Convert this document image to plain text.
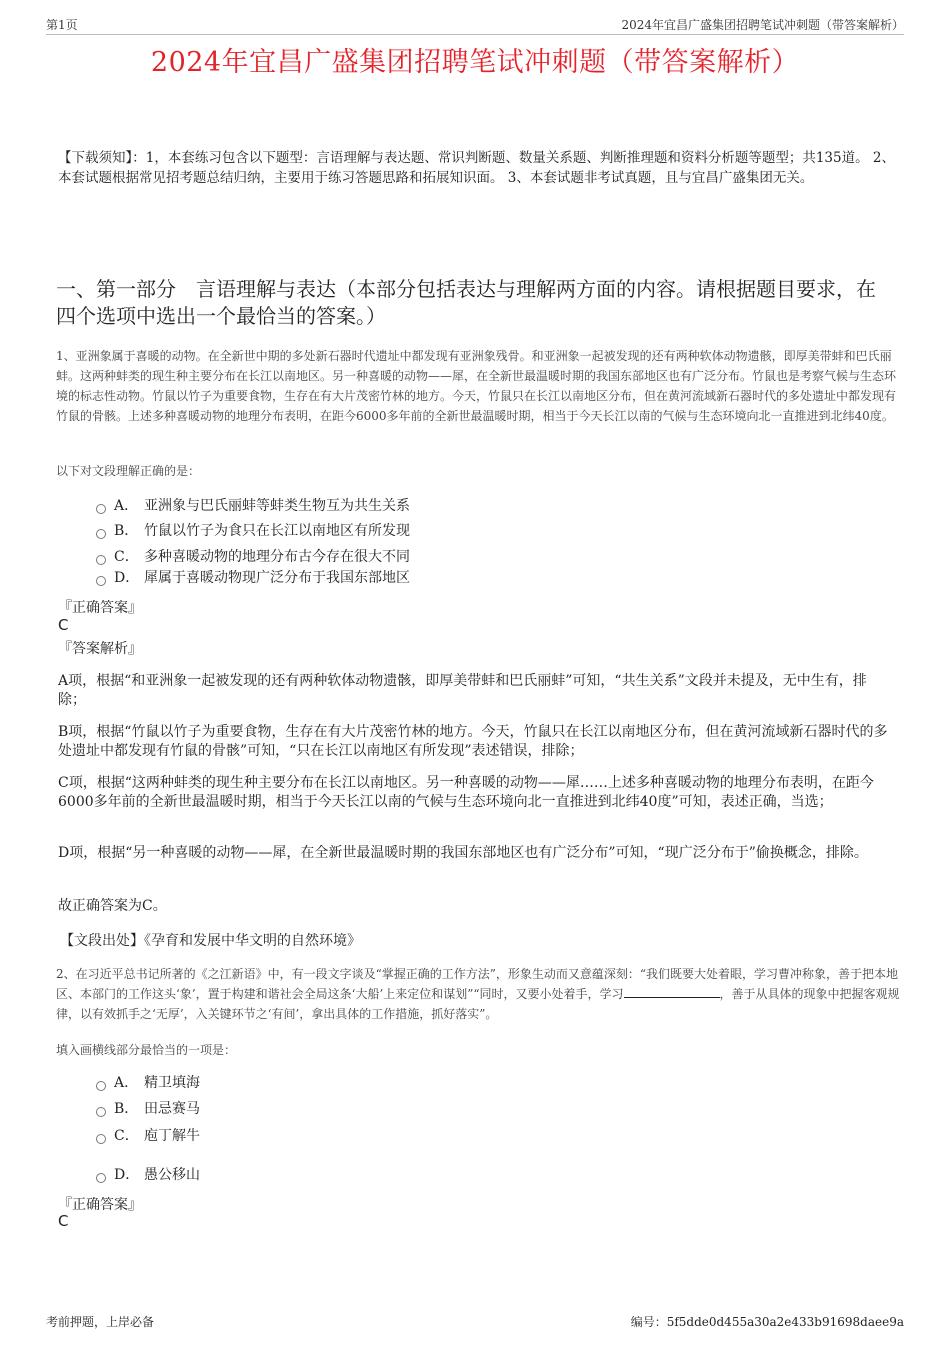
第1页	2024年宜昌广盛集团招聘笔试冲刺题（带答案解析）
2024年宜昌广盛集团招聘笔试冲刺题（带答案解析）
【下载须知】：1，本套练习包含以下题型：言语理解与表达题、常识判断题、数量关系题、判断推理题和资料分析题等题型；共135道。 2、本套试题根据常见招考题总结归纳，主要用于练习答题思路和拓展知识面。 3、本套试题非考试真题，且与宜昌广盛集团无关。
一、第一部分　言语理解与表达（本部分包括表达与理解两方面的内容。请根据题目要求，在四个选项中选出一个最恰当的答案。）
1、亚洲象属于喜暖的动物。在全新世中期的多处新石器时代遗址中都发现有亚洲象残骨。和亚洲象一起被发现的还有两种软体动物遗骸，即厚美带蚌和巴氏丽蚌。这两种蚌类的现生种主要分布在长江以南地区。另一种喜暖的动物——犀，在全新世最温暖时期的我国东部地区也有广泛分布。竹鼠也是考察气候与生态环境的标志性动物。竹鼠以竹子为重要食物，生存在有大片茂密竹林的地方。今天，竹鼠只在长江以南地区分布，但在黄河流域新石器时代的多处遗址中都发现有竹鼠的骨骸。上述多种喜暖动物的地理分布表明，在距今6000多年前的全新世最温暖时期，相当于今天长江以南的气候与生态环境向北一直推进到北纬40度。
以下对文段理解正确的是：
A． 亚洲象与巴氏丽蚌等蚌类生物互为共生关系
B． 竹鼠以竹子为食只在长江以南地区有所发现
C． 多种喜暖动物的地理分布古今存在很大不同
D． 犀属于喜暖动物现广泛分布于我国东部地区
『正确答案』
C
『答案解析』
A项，根据“和亚洲象一起被发现的还有两种软体动物遗骸，即厚美带蚌和巴氏丽蚌”可知，“共生关系”文段并未提及，无中生有，排除；
B项，根据“竹鼠以竹子为重要食物，生存在有大片茂密竹林的地方。今天，竹鼠只在长江以南地区分布，但在黄河流域新石器时代的多处遗址中都发现有竹鼠的骨骸”可知，“只在长江以南地区有所发现”表述错误，排除；
C项，根据“这两种蚌类的现生种主要分布在长江以南地区。另一种喜暖的动物——犀……上述多种喜暖动物的地理分布表明，在距今6000多年前的全新世最温暖时期，相当于今天长江以南的气候与生态环境向北一直推进到北纬40度”可知，表述正确，当选；
D项，根据“另一种喜暖的动物——犀，在全新世最温暖时期的我国东部地区也有广泛分布”可知，“现广泛分布于”偷换概念，排除。
故正确答案为C。
【文段出处】《孕育和发展中华文明的自然环境》
2、在习近平总书记所著的《之江新语》中，有一段文字谈及“掌握正确的工作方法”，形象生动而又意蕴深刻：“我们既要大处着眼，学习曹冲称象，善于把本地区、本部门的工作这头‘象’，置于构建和谐社会全局这条‘大船’上来定位和谋划”“同时，又要小处着手，学习	，善于从具体的现象中把握客观规律，以有效抓手之‘无厚’，入关键环节之‘有间’，拿出具体的工作措施，抓好落实”。
填入画横线部分最恰当的一项是：
A． 精卫填海
B． 田忌赛马
C． 庖丁解牛
D． 愚公移山
『正确答案』
C
考前押题，上岸必备	编号：5f5dde0d455a30a2e433b91698daee9a
